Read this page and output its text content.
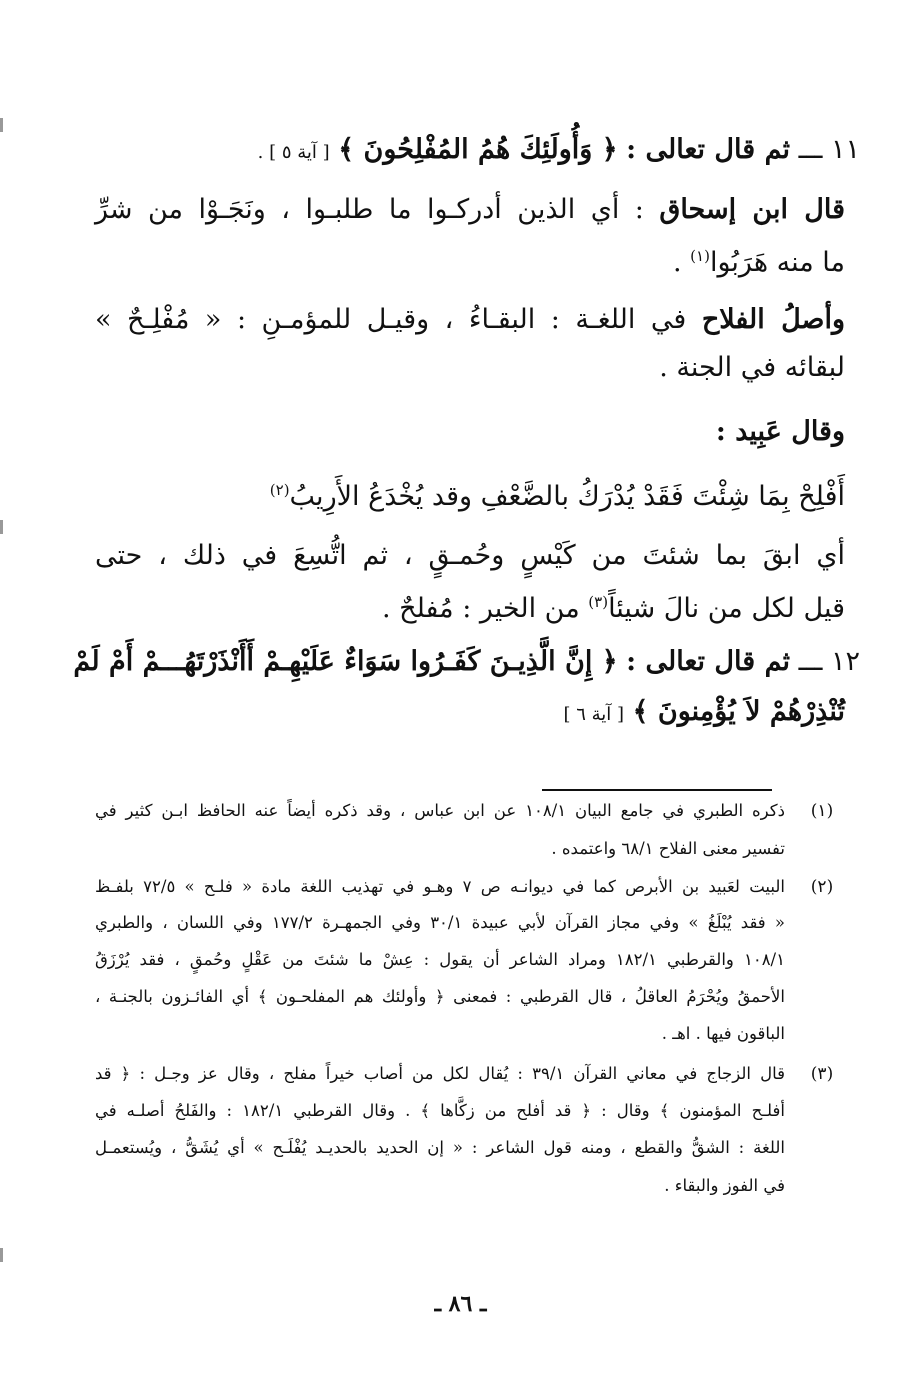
١١ ـــ ثم قال تعالى : ﴿ وَأُولَئِكَ هُمُ المُفْلِحُونَ ﴾ [ آية ٥ ] .
قال ابن إسحاق : أي الذين أدركـوا ما طلبـوا ، ونَجَـوْا من شرِّ
ما منه هَرَبُوا$^{(١)}$ .
وأصلُ الفلاح في اللغـة : البقـاءُ ، وقيـل للمؤمـنِ : « مُفْلِـحٌ »
لبقائه في الجنة .
وقال عَبِيد :
أَفْلِحْ بِمَا شِئْتَ فَقَدْ يُدْرَكُ بالضَّعْفِ وقد يُخْدَعُ الأَرِيبُ$^{(٢)}$
أي ابقَ بما شئتَ من كَيْسٍ وحُمـقٍ ، ثم اتُّسِعَ في ذلك ، حتى
قيل لكل من نالَ شيئاً$^{(٣)}$ من الخير : مُفلحٌ .
١٢ ـــ ثم قال تعالى : ﴿ إِنَّ الَّذِيـنَ كَفَـرُوا سَوَاءٌ عَلَيْهِـمْ أَأَنْذَرْتَهُـــمْ أَمْ لَمْ
تُنْذِرْهُمْ لاَ يُؤْمِنونَ ﴾ [ آية ٦ ]
(١)
ذكره الطبري في جامع البيان ١٠٨/١ عن ابن عباس ، وقد ذكره أيضاً عنه الحافظ ابـن كثير في
تفسير معنى الفلاح ٦٨/١ واعتمده .
(٢)
البيت لعَبيد بن الأبرص كما في ديوانـه ص ٧ وهـو في تهذيب اللغة مادة « فلـح » ٧٢/٥ بلفـظ
« فقد يُبْلَغُ » وفي مجاز القرآن لأبي عبيدة ٣٠/١ وفي الجمهـرة ١٧٧/٢ وفي اللسان ، والطبري
١٠٨/١ والقرطبي ١٨٢/١ ومراد الشاعر أن يقول : عِشْ ما شئتَ من عَقْلٍ وحُمقٍ ، فقد يُرْزَقُ
الأحمقُ ويُحْرَمُ العاقلُ ، قال القرطبي : فمعنى ﴿ وأولئك هم المفلحـون ﴾ أي الفائـزون بالجنـة ،
الباقون فيها . اهـ .
(٣)
قال الزجاج في معاني القرآن ٣٩/١ : يُقال لكل من أصاب خيراً مفلح ، وقال عز وجـل : ﴿ قد
أفلـح المؤمنون ﴾ وقال : ﴿ قد أفلح من زكَّاها ﴾ . وقال القرطبي ١٨٢/١ : والفَلحُ أصلـه في
اللغة : الشقُّ والقطع ، ومنه قول الشاعر : « إن الحديد بالحديـد يُفْلَـح » أي يُشَقُّ ، ويُستعمـل
في الفوز والبقاء .
ـ ٨٦ ـ
